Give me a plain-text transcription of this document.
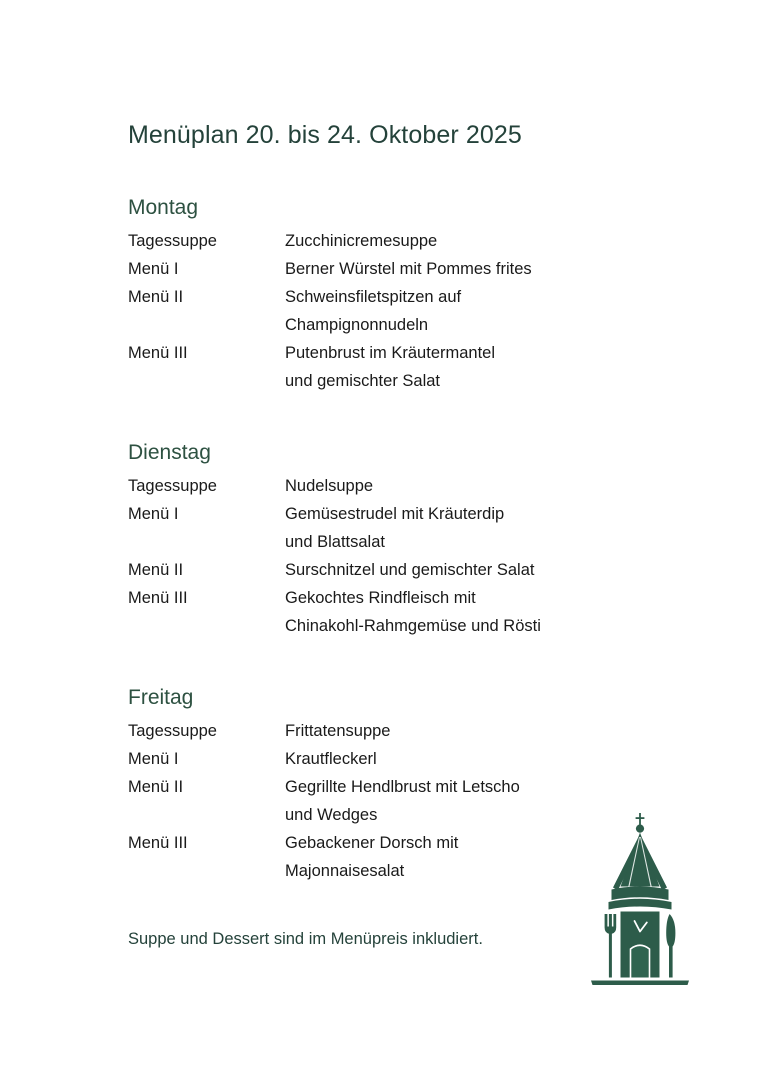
Menüplan 20. bis 24. Oktober 2025
Montag
Tagessuppe	Zucchinicremesuppe
Menü I	Berner Würstel mit Pommes frites
Menü II	Schweinsfiletspitzen auf
Champignonnudeln
Menü III	Putenbrust im Kräutermantel
und gemischter Salat
Dienstag
Tagessuppe	Nudelsuppe
Menü I	Gemüsestrudel mit Kräuterdip
und Blattsalat
Menü II	Surschnitzel und gemischter Salat
Menü III	Gekochtes Rindfleisch mit
Chinakohl-Rahmgemüse und Rösti
Freitag
Tagessuppe	Frittatensuppe
Menü I	Krautfleckerl
Menü II	Gegrillte Hendlbrust mit Letscho
und Wedges
Menü III	Gebackener Dorsch mit
Majonnaisesalat

Suppe und Dessert sind im Menüpreis inkludiert.
